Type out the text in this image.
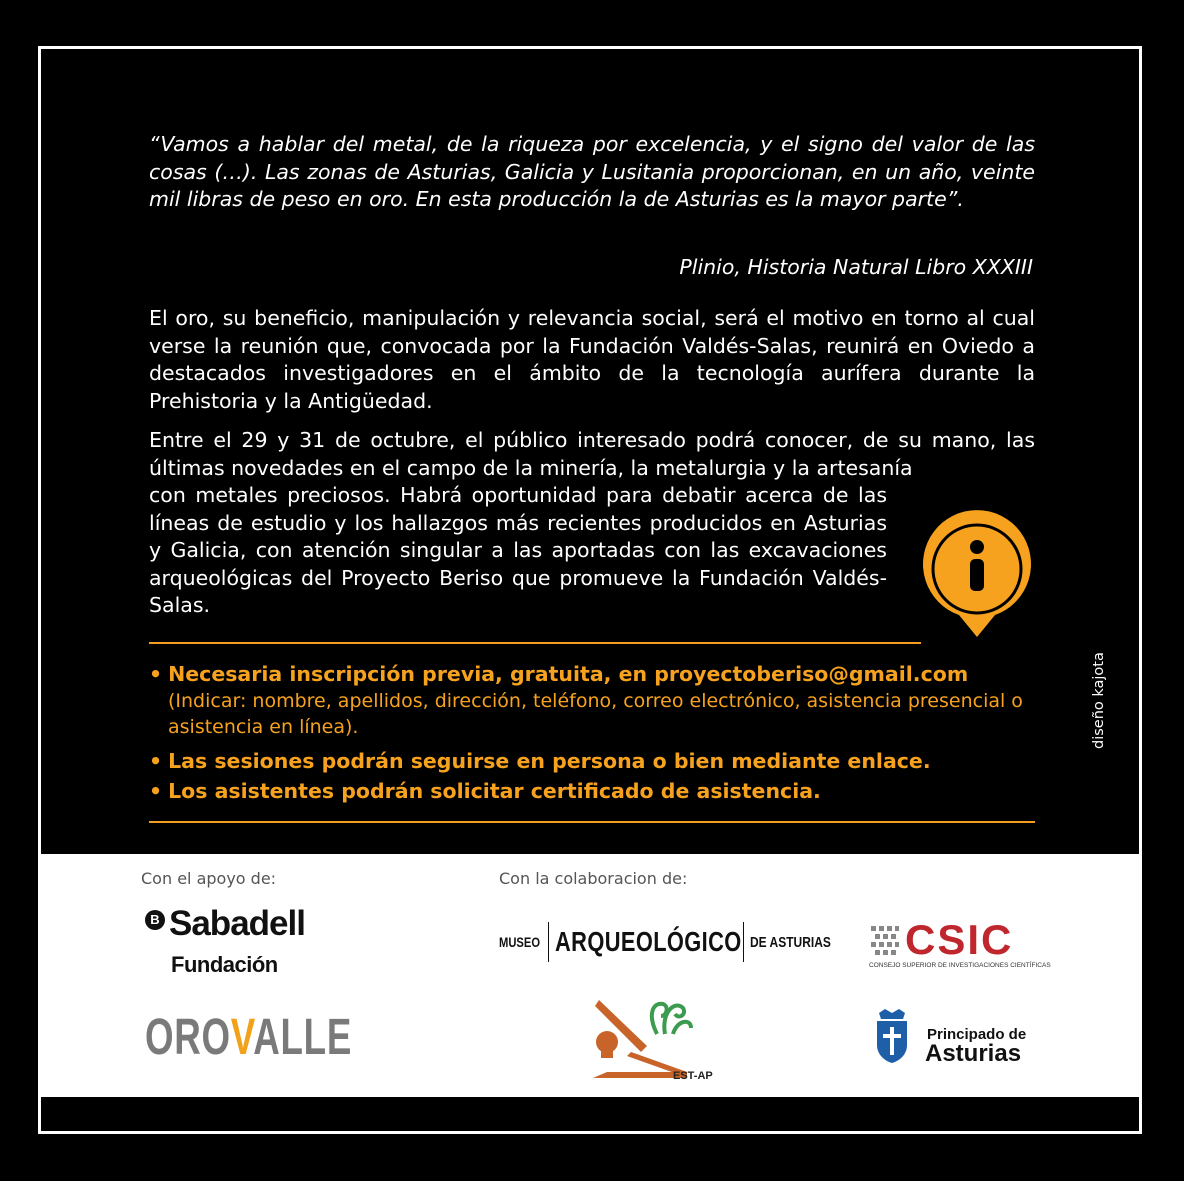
“Vamos a hablar del metal, de la riqueza por excelencia, y el signo del valor de las cosas (…). Las zonas de Asturias, Galicia y Lusitania proporcionan, en un año, veinte mil libras de peso en oro. En esta producción la de Asturias es la mayor parte”.

Plinio, Historia Natural Libro XXXIII

El oro, su beneficio, manipulación y relevancia social, será el motivo en torno al cual verse la reunión que, convocada por la Fundación Valdés-Salas, reunirá en Oviedo a destacados investigadores en el ámbito de la tecnología aurífera durante la Prehistoria y la Antigüedad.

Entre el 29 y 31 de octubre, el público interesado podrá conocer, de su mano, las últimas novedades en el campo de la minería, la metalurgia y la artesanía

con metales preciosos. Habrá oportunidad para debatir acerca de las líneas de estudio y los hallazgos más recientes producidos en Asturias y Galicia, con atención singular a las aportadas con las excavaciones arqueológicas del Proyecto Beriso que promueve la Fundación Valdés-Salas.

• Necesaria inscripción previa, gratuita, en proyectoberiso@gmail.com
(Indicar: nombre, apellidos, dirección, teléfono, correo electrónico, asistencia presencial o asistencia en línea).
• Las sesiones podrán seguirse en persona o bien mediante enlace.
• Los asistentes podrán solicitar certificado de asistencia.
diseño kajota
Con el apoyo de:	Con la colaboracion de:
B Sabadell
Fundación
OROVALLE
MUSEO ARQUEOLÓGICO DE ASTURIAS	CSIC
CONSEJO SUPERIOR DE INVESTIGACIONES CIENTÍFICAS
EST-AP
Principado de
Asturias
